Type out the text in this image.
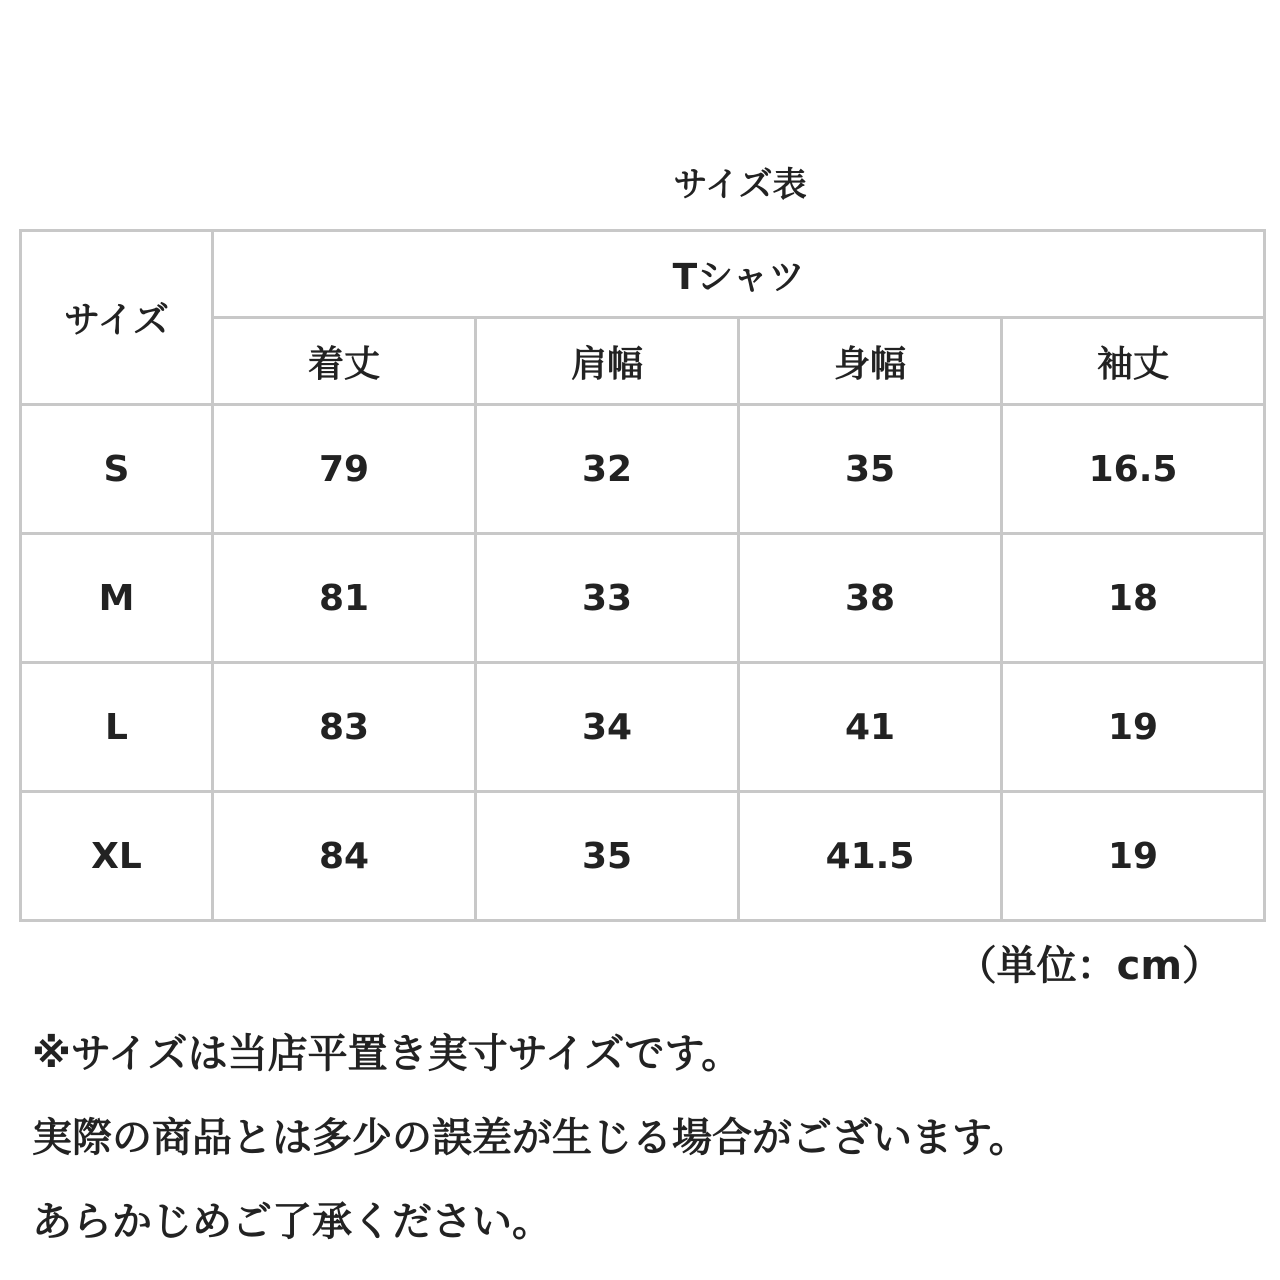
サイズ表
サイズ	Tシャツ			
	着丈	肩幅	身幅	袖丈
S	79	32	35	16.5
M	81	33	38	18
L	83	34	41	19
XL	84	35	41.5	19
（単位：cm）
※サイズは当店平置き実寸サイズです。
実際の商品とは多少の誤差が生じる場合がございます。
あらかじめご了承ください。
